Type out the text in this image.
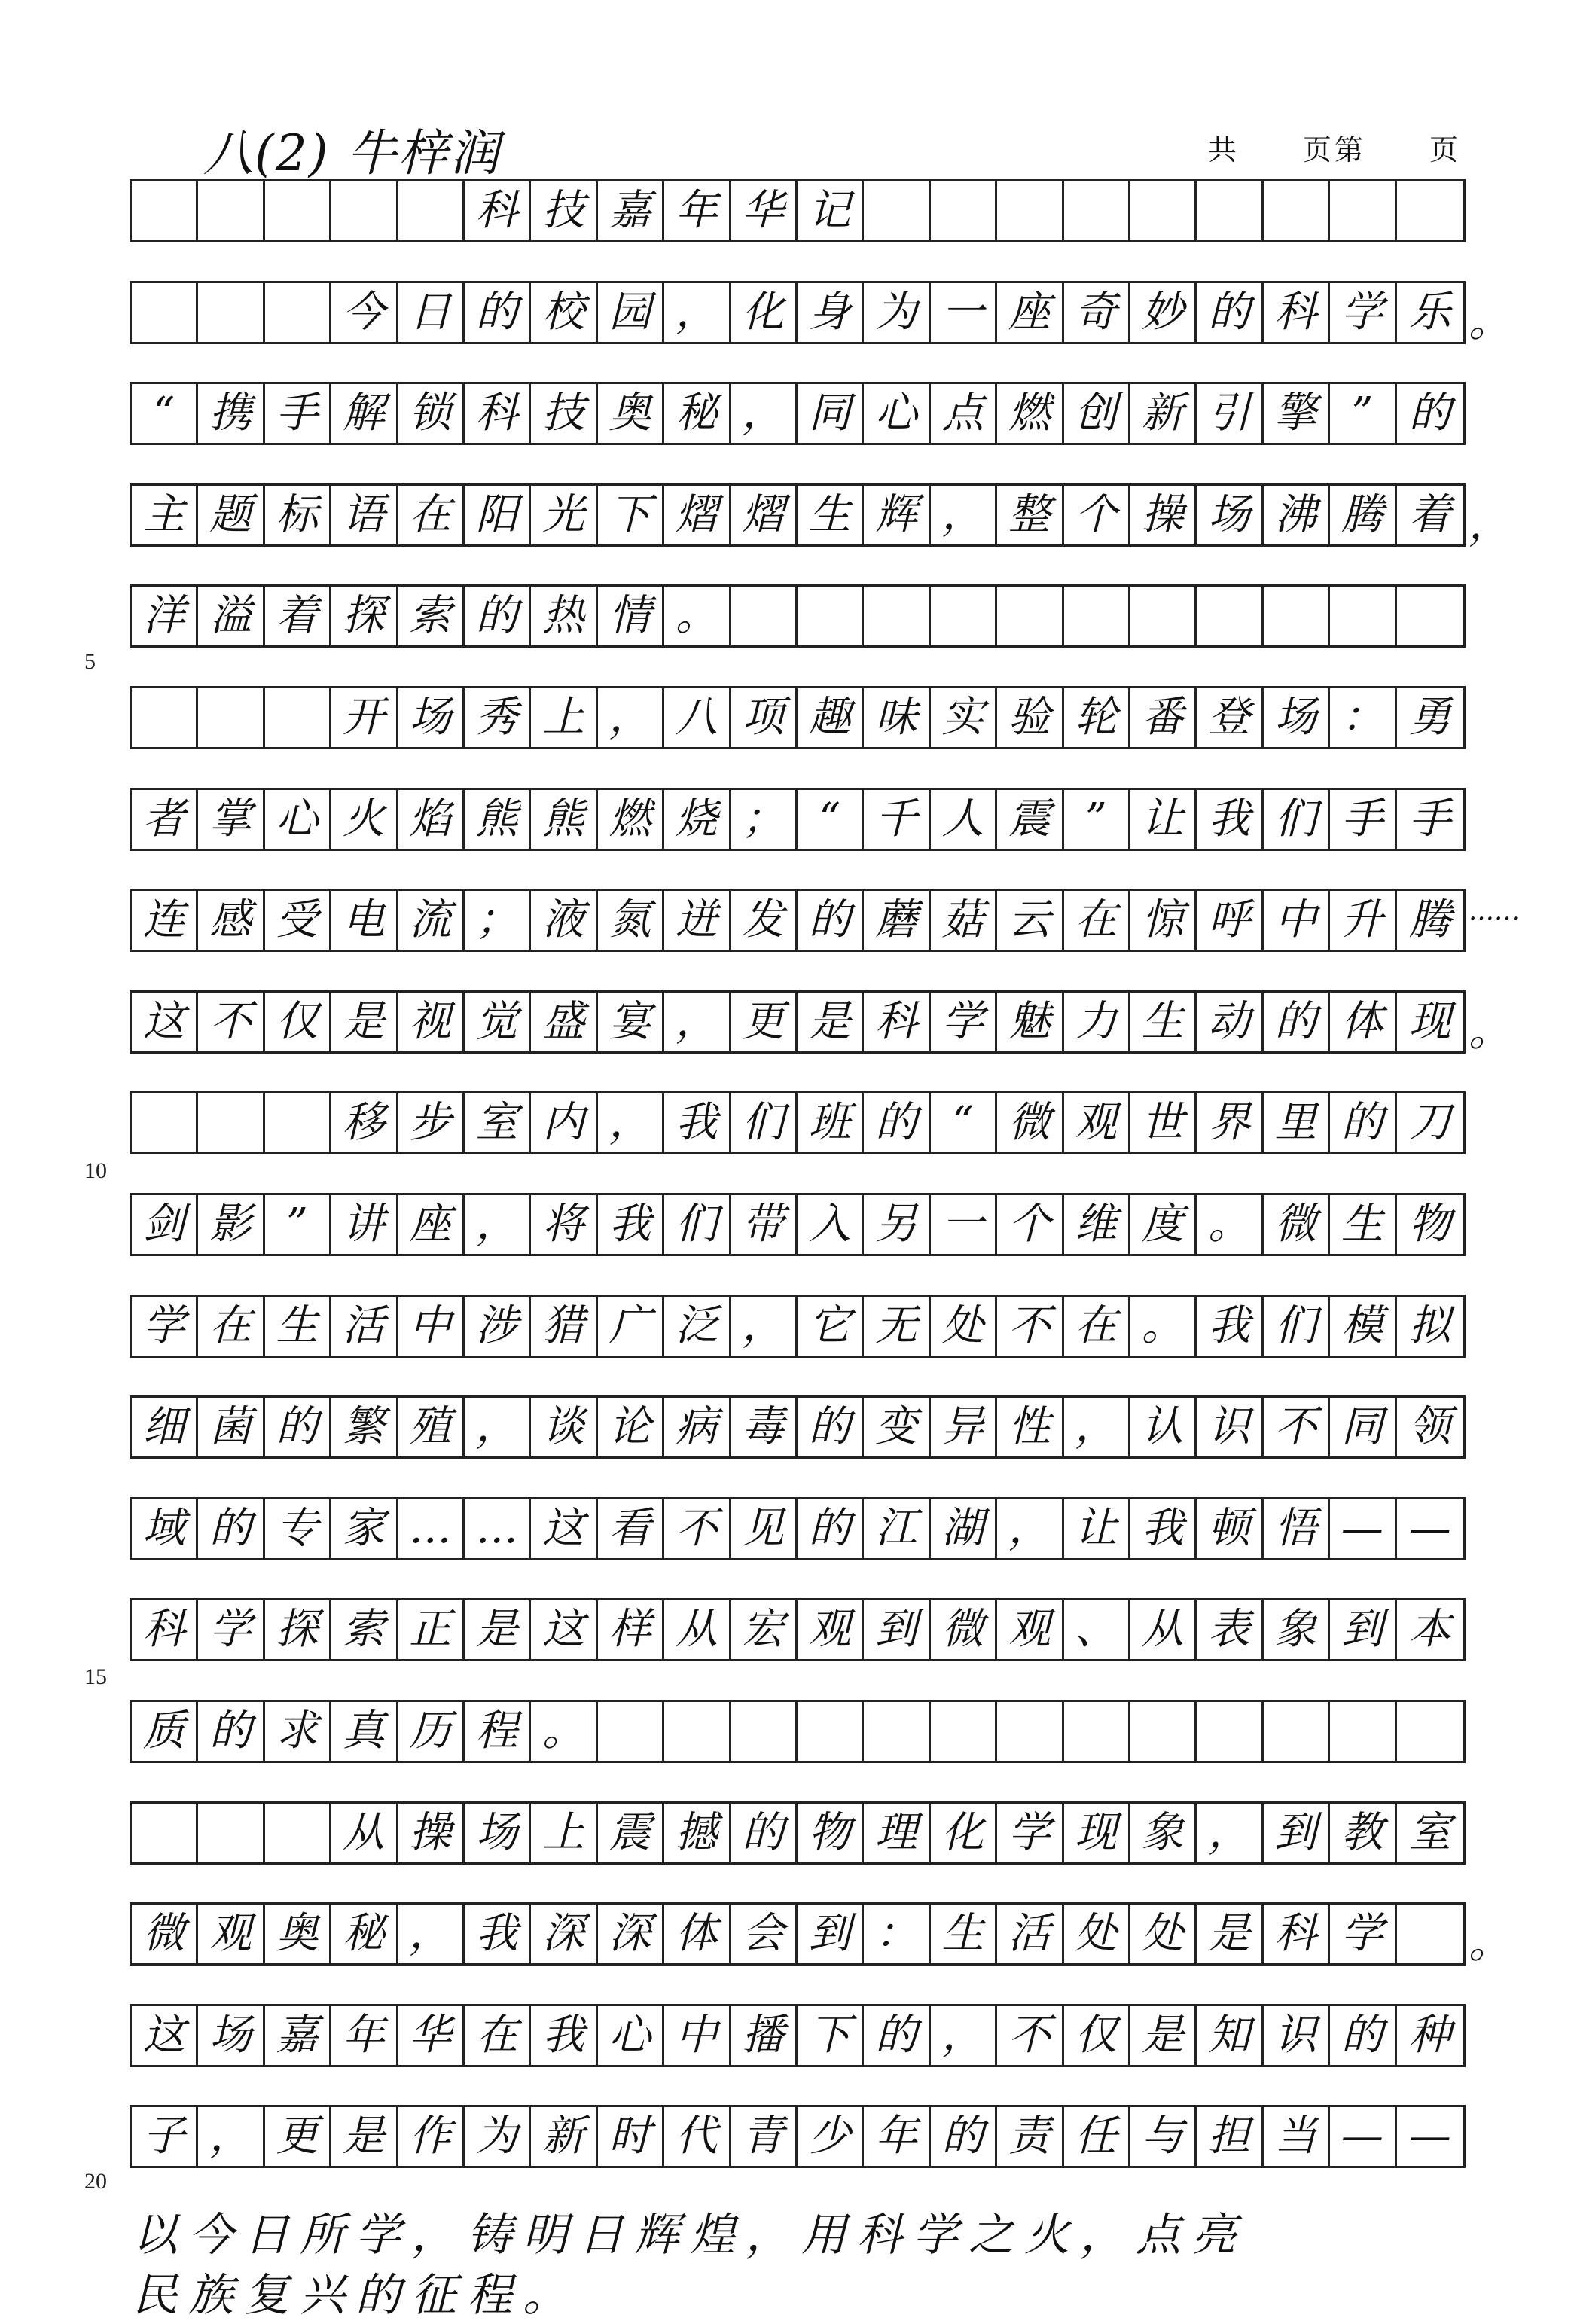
八(2) 牛梓润	共　　页第　　页
科 技 嘉 年 华 记
今 日 的 校 园 ， 化 身 为 一 座 奇 妙 的 科 学 乐
“ 携 手 解 锁 科 技 奥 秘 ， 同 心 点 燃 创 新 引 擎 ” 的
主 题 标 语 在 阳 光 下 熠 熠 生 辉 ， 整 个 操 场 沸 腾 着
洋 溢 着 探 索 的 热 情 。
开 场 秀 上 ， 八 项 趣 味 实 验 轮 番 登 场 ： 勇
者 掌 心 火 焰 熊 熊 燃 烧 ； “ 千 人 震 ” 让 我 们 手 手
连 感 受 电 流 ； 液 氮 迸 发 的 蘑 菇 云 在 惊 呼 中 升 腾
这 不 仅 是 视 觉 盛 宴 ， 更 是 科 学 魅 力 生 动 的 体 现
移 步 室 内 ， 我 们 班 的 “ 微 观 世 界 里 的 刀
剑 影 ” 讲 座 ， 将 我 们 带 入 另 一 个 维 度 。 微 生 物
学 在 生 活 中 涉 猎 广 泛 ， 它 无 处 不 在 。 我 们 模 拟
细 菌 的 繁 殖 ， 谈 论 病 毒 的 变 异 性 ， 认 识 不 同 领
域 的 专 家 … … 这 看 不 见 的 江 湖 ， 让 我 顿 悟 — —
科 学 探 索 正 是 这 样 从 宏 观 到 微 观 、 从 表 象 到 本
质 的 求 真 历 程 。
从 操 场 上 震 撼 的 物 理 化 学 现 象 ， 到 教 室
微 观 奥 秘 ， 我 深 深 体 会 到 ： 生 活 处 处 是 科 学
这 场 嘉 年 华 在 我 心 中 播 下 的 ， 不 仅 是 知 识 的 种
子 ， 更 是 作 为 新 时 代 青 少 年 的 责 任 与 担 当 — —
5
10
15
20
以今日所学，铸明日辉煌，用科学之火，点亮
民族复兴的征程。
。
，
……
。
。
